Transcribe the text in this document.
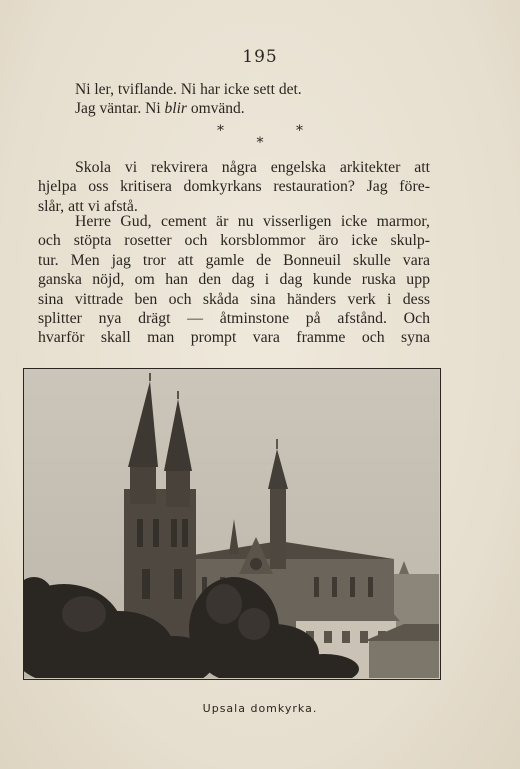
195
Ni ler, tviflande. Ni har icke sett det.
Jag väntar. Ni blir omvänd.
* * *
Skola vi rekvirera några engelska arkitekter att
hjelpa oss kritisera domkyrkans restauration? Jag före-
slår, att vi afstå.
Herre Gud, cement är nu visserligen icke marmor,
och stöpta rosetter och korsblommor äro icke skulp-
tur. Men jag tror att gamle de Bonneuil skulle vara
ganska nöjd, om han den dag i dag kunde ruska upp
sina vittrade ben och skåda sina händers verk i dess
splitter nya drägt — åtminstone på afstånd. Och
hvarför skall man prompt vara framme och syna
Upsala domkyrka.
